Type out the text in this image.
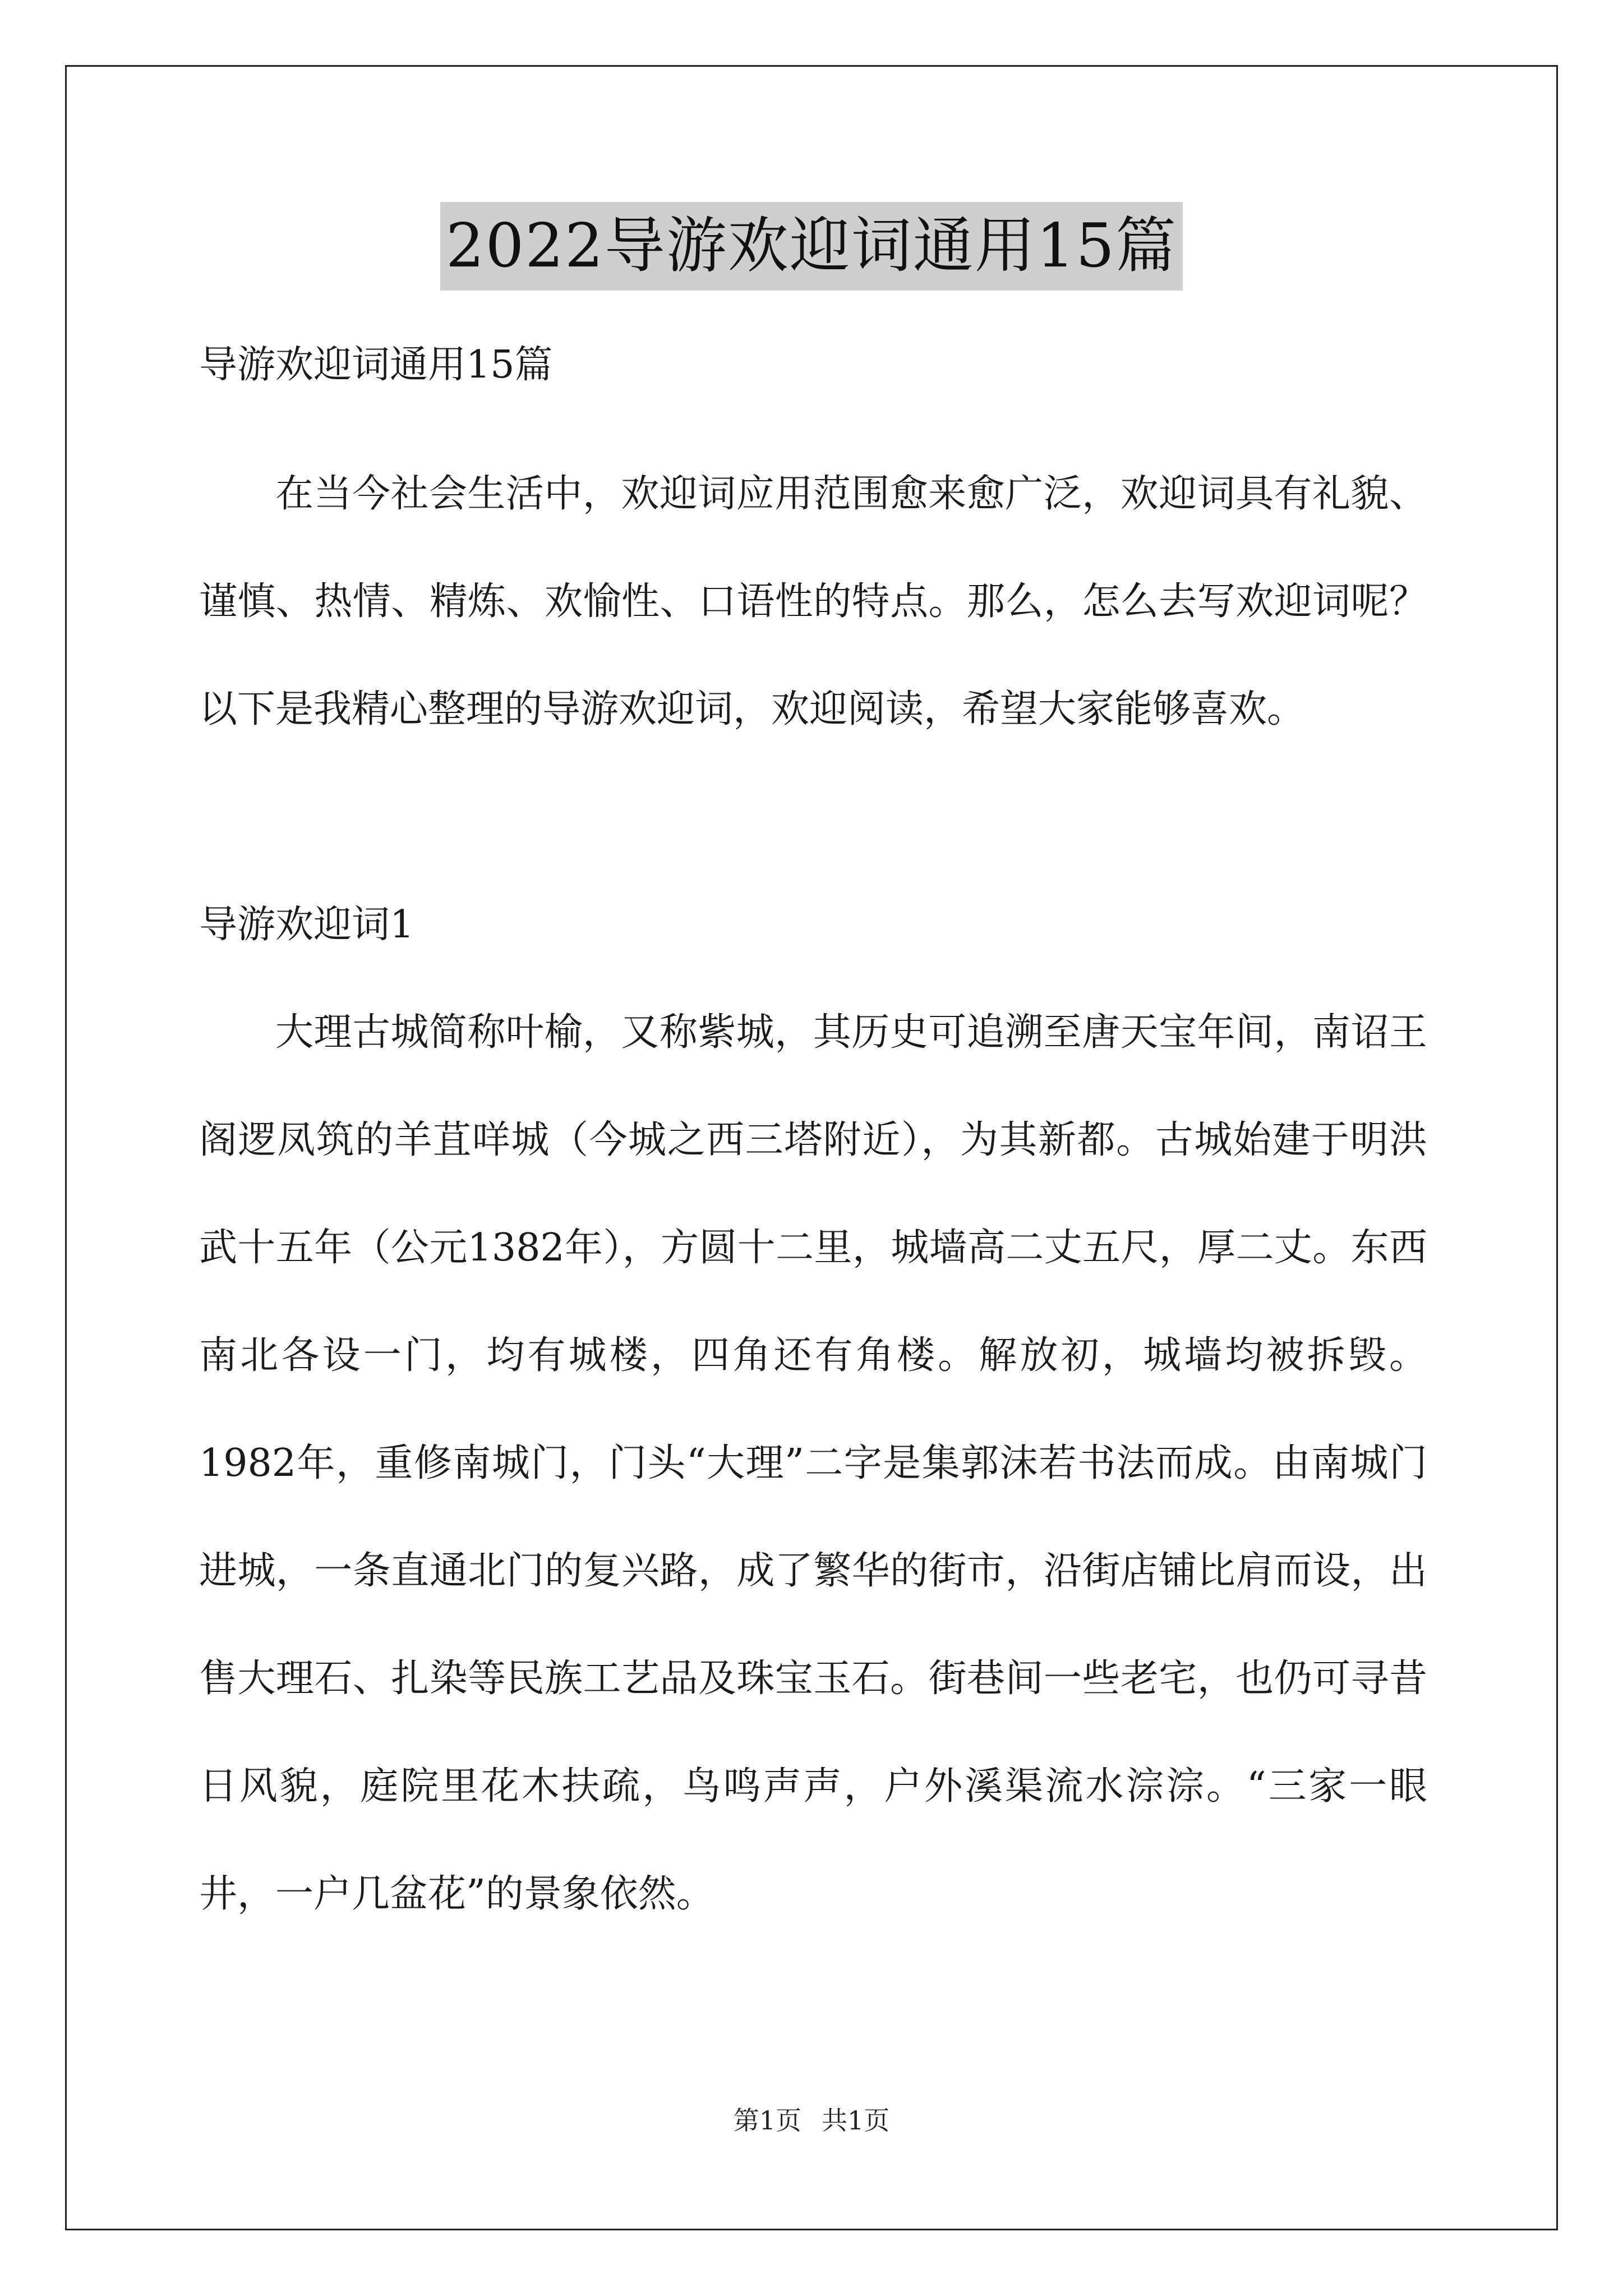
2022导游欢迎词通用15篇

导游欢迎词通用15篇

在当今社会生活中，欢迎词应用范围愈来愈广泛，欢迎词具有礼貌、谨慎、热情、精炼、欢愉性、口语性的特点。那么，怎么去写欢迎词呢？以下是我精心整理的导游欢迎词，欢迎阅读，希望大家能够喜欢。

导游欢迎词1

大理古城简称叶榆，又称紫城，其历史可追溯至唐天宝年间，南诏王阁逻凤筑的羊苴咩城（今城之西三塔附近），为其新都。古城始建于明洪武十五年（公元1382年），方圆十二里，城墙高二丈五尺，厚二丈。东西南北各设一门，均有城楼，四角还有角楼。解放初，城墙均被拆毁。1982年，重修南城门，门头“大理”二字是集郭沫若书法而成。由南城门进城，一条直通北门的复兴路，成了繁华的街市，沿街店铺比肩而设，出售大理石、扎染等民族工艺品及珠宝玉石。街巷间一些老宅，也仍可寻昔日风貌，庭院里花木扶疏，鸟鸣声声，户外溪渠流水淙淙。“三家一眼井，一户几盆花”的景象依然。

第1页 共1页
